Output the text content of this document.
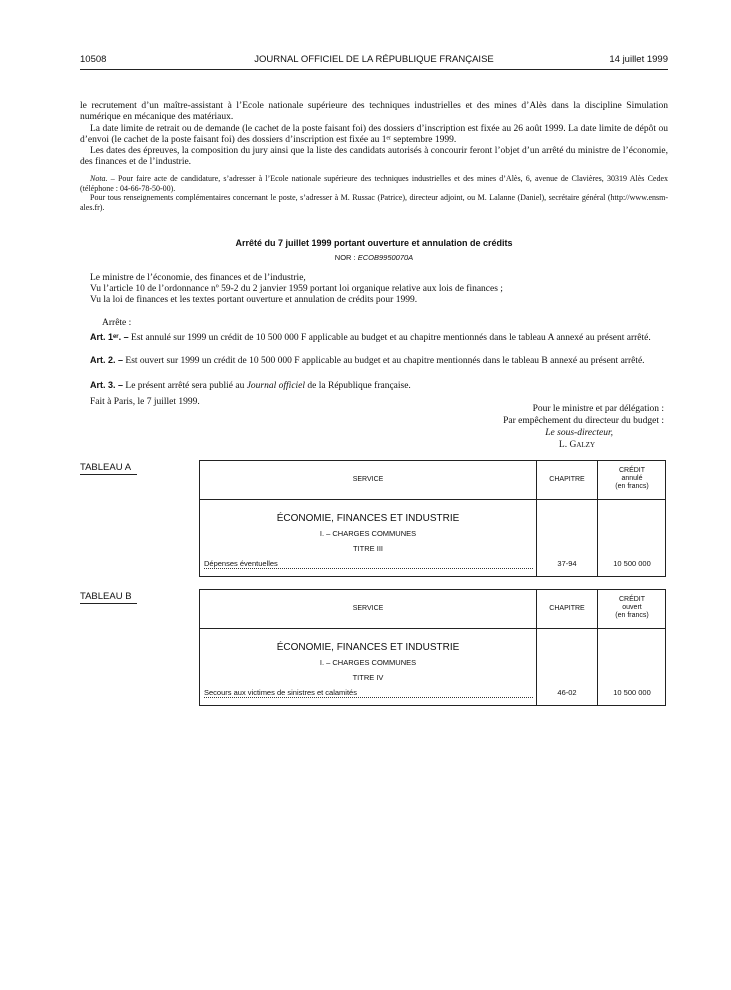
10508	JOURNAL OFFICIEL DE LA RÉPUBLIQUE FRANÇAISE	14 juillet 1999
le recrutement d’un maître-assistant à l’Ecole nationale supérieure des techniques industrielles et des mines d’Alès dans la discipline Simulation numérique en mécanique des matériaux.
La date limite de retrait ou de demande (le cachet de la poste faisant foi) des dossiers d’inscription est fixée au 26 août 1999. La date limite de dépôt ou d’envoi (le cachet de la poste faisant foi) des dossiers d’inscription est fixée au 1ᵉʳ septembre 1999.
Les dates des épreuves, la composition du jury ainsi que la liste des candidats autorisés à concourir feront l’objet d’un arrêté du ministre de l’économie, des finances et de l’industrie.
Nota. – Pour faire acte de candidature, s’adresser à l’Ecole nationale supérieure des techniques industrielles et des mines d’Alès, 6, avenue de Clavières, 30319 Alès Cedex (téléphone : 04-66-78-50-00).
Pour tous renseignements complémentaires concernant le poste, s’adresser à M. Russac (Patrice), directeur adjoint, ou M. Lalanne (Daniel), secrétaire général (http://www.ensm-ales.fr).
Arrêté du 7 juillet 1999 portant ouverture et annulation de crédits
NOR : ECOB9950070A
Le ministre de l’économie, des finances et de l’industrie,
Vu l’article 10 de l’ordonnance nº 59-2 du 2 janvier 1959 portant loi organique relative aux lois de finances ;
Vu la loi de finances et les textes portant ouverture et annulation de crédits pour 1999.
Arrête :
Art. 1ᵉʳ. – Est annulé sur 1999 un crédit de 10 500 000 F applicable au budget et au chapitre mentionnés dans le tableau A annexé au présent arrêté.
Art. 2. – Est ouvert sur 1999 un crédit de 10 500 000 F applicable au budget et au chapitre mentionnés dans le tableau B annexé au présent arrêté.
Art. 3. – Le présent arrêté sera publié au Journal officiel de la République française.
Fait à Paris, le 7 juillet 1999.
Pour le ministre et par délégation :
Par empêchement du directeur du budget :
Le sous-directeur,
L. Galzy
TABLEAU A
SERVICE	CHAPITRE
CRÉDIT
annulé
(en francs)
ÉCONOMIE, FINANCES ET INDUSTRIE
I. – CHARGES COMMUNES
TITRE III
Dépenses éventuelles	37-94	10 500 000
TABLEAU B
SERVICE	CHAPITRE
CRÉDIT
ouvert
(en francs)
ÉCONOMIE, FINANCES ET INDUSTRIE
I. – CHARGES COMMUNES
TITRE IV
Secours aux victimes de sinistres et calamités	46-02	10 500 000
